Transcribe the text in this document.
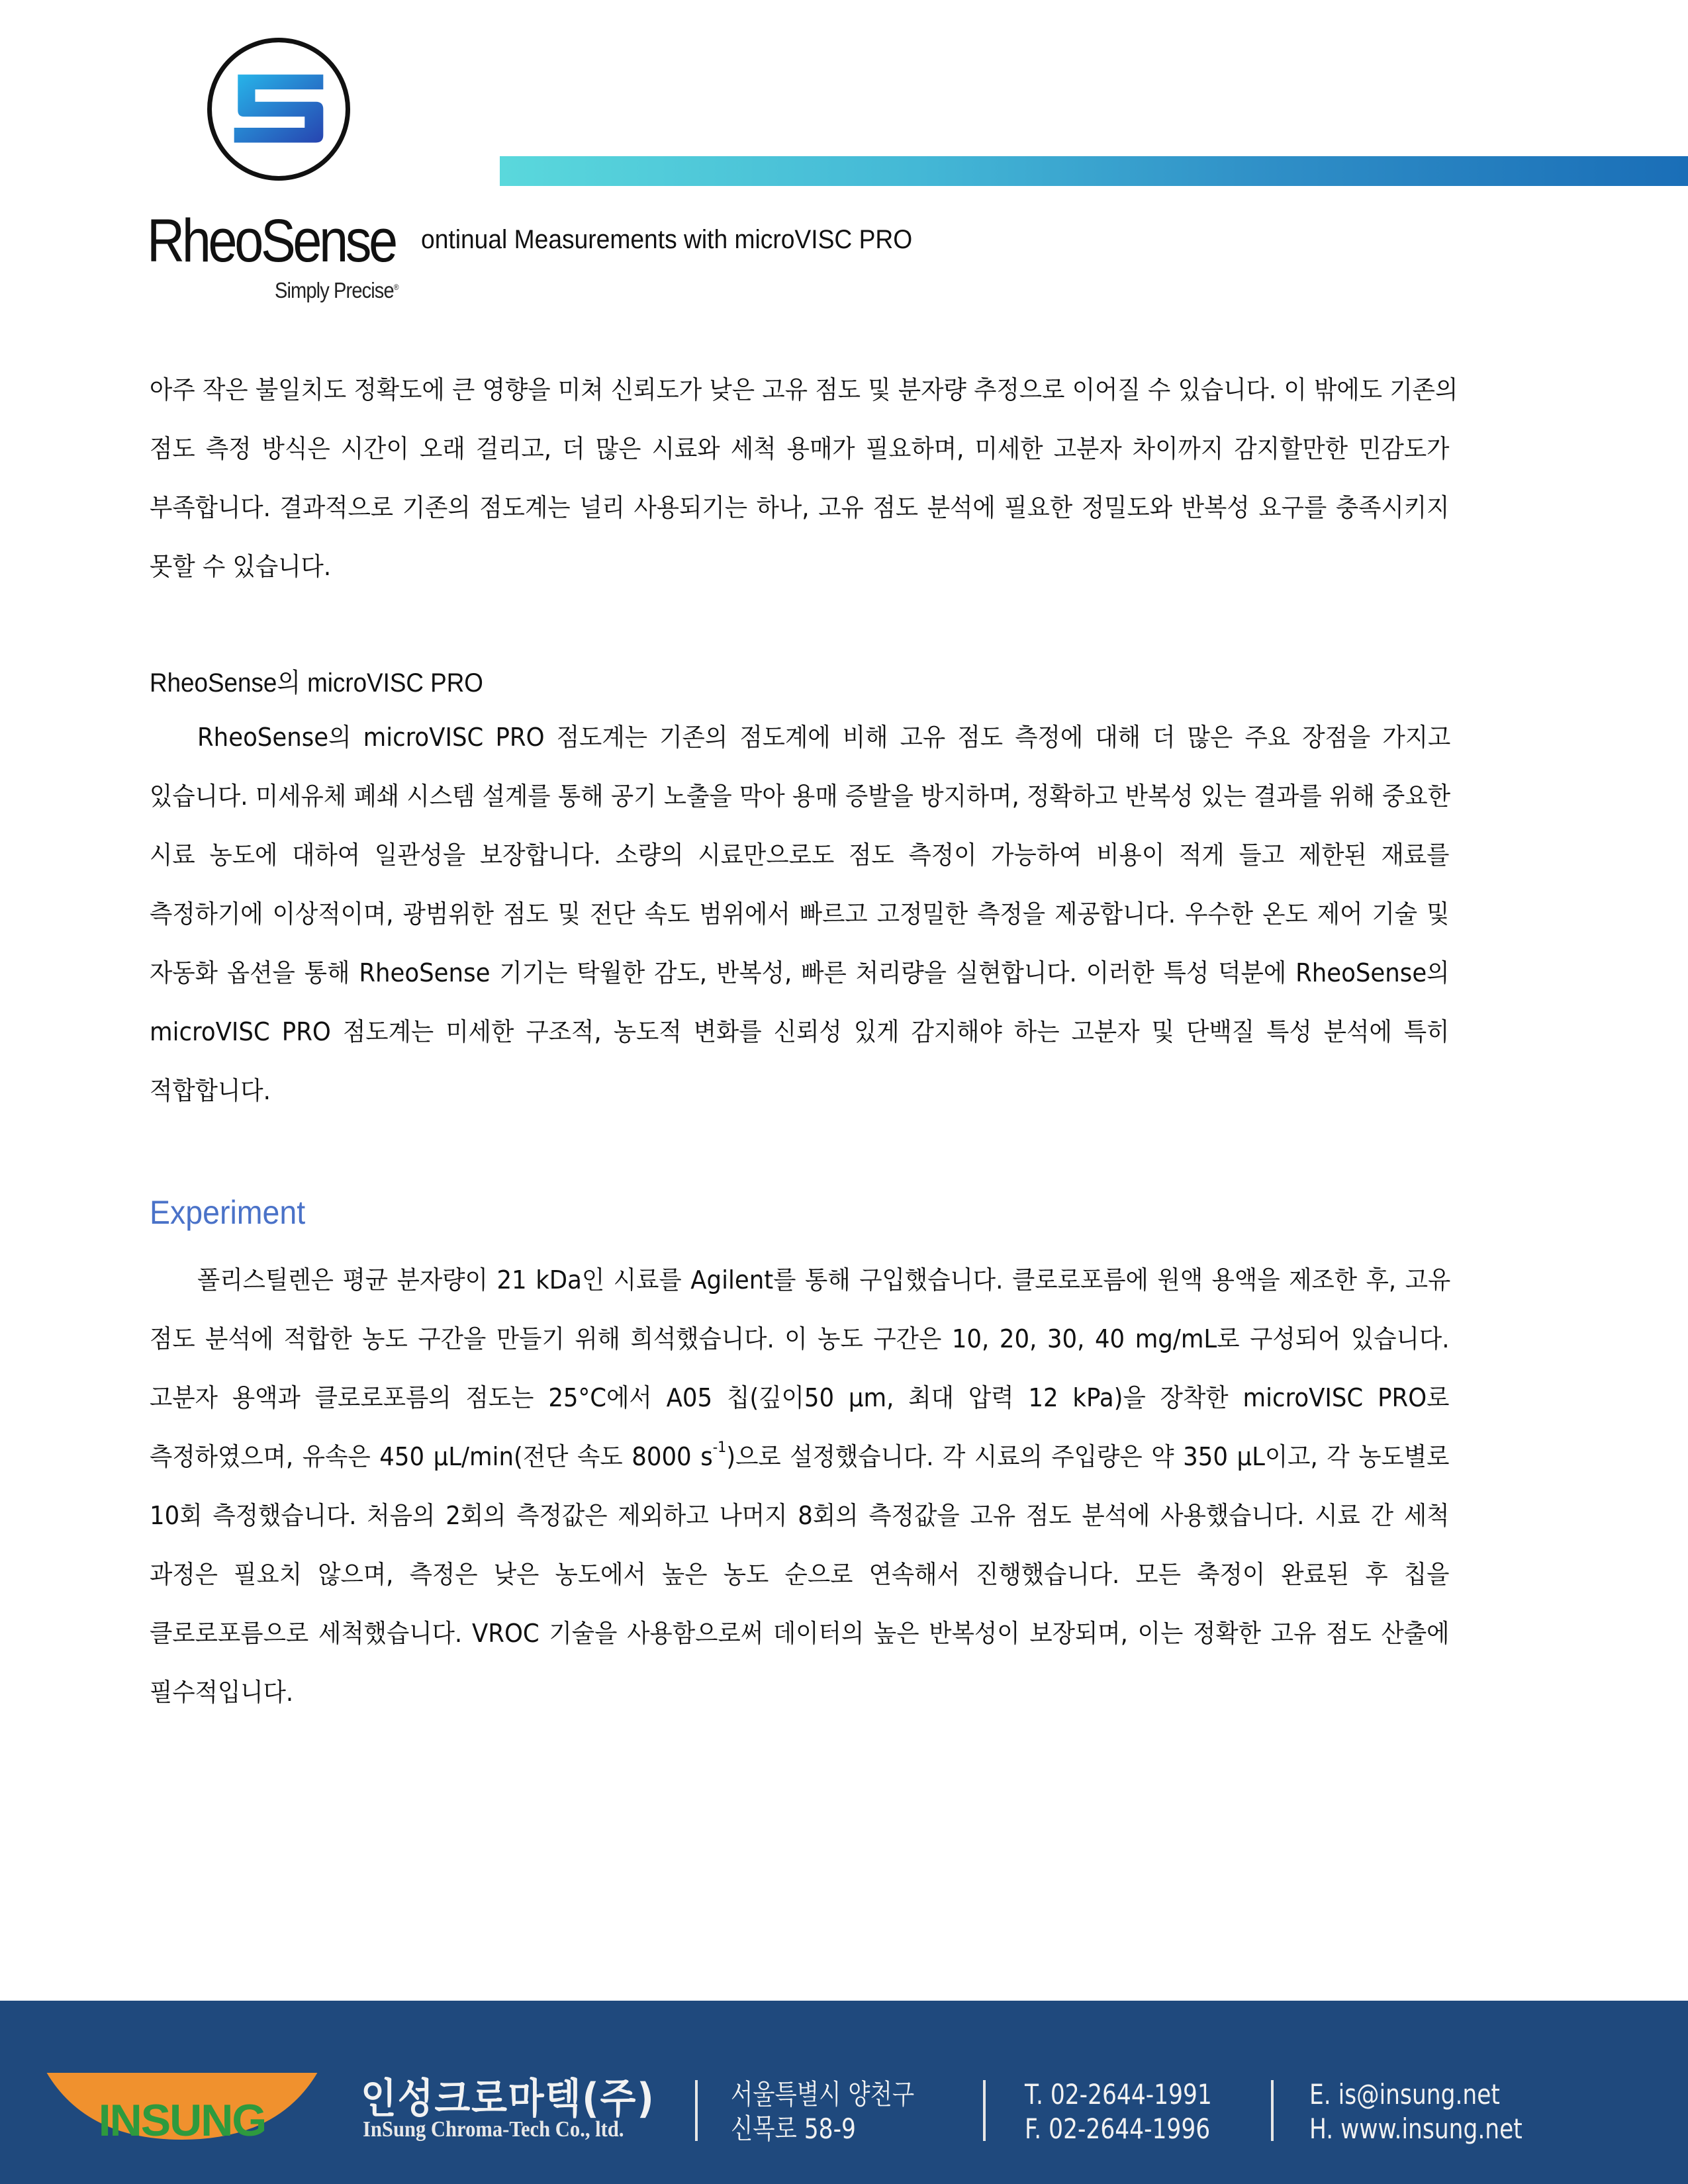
RheoSense
Simply Precise®
ontinual Measurements with microVISC PRO
아주 작은 불일치도 정확도에 큰 영향을 미쳐 신뢰도가 낮은 고유 점도 및 분자량 추정으로 이어질 수 있습니다. 이 밖에도 기존의
점도 측정 방식은 시간이 오래 걸리고, 더 많은 시료와 세척 용매가 필요하며, 미세한 고분자 차이까지 감지할만한 민감도가
부족합니다. 결과적으로 기존의 점도계는 널리 사용되기는 하나, 고유 점도 분석에 필요한 정밀도와 반복성 요구를 충족시키지
못할 수 있습니다.
RheoSense의 microVISC PRO
RheoSense의 microVISC PRO 점도계는 기존의 점도계에 비해 고유 점도 측정에 대해 더 많은 주요 장점을 가지고
있습니다. 미세유체 폐쇄 시스템 설계를 통해 공기 노출을 막아 용매 증발을 방지하며, 정확하고 반복성 있는 결과를 위해 중요한
시료 농도에 대하여 일관성을 보장합니다. 소량의 시료만으로도 점도 측정이 가능하여 비용이 적게 들고 제한된 재료를
측정하기에 이상적이며, 광범위한 점도 및 전단 속도 범위에서 빠르고 고정밀한 측정을 제공합니다. 우수한 온도 제어 기술 및
자동화 옵션을 통해 RheoSense 기기는 탁월한 감도, 반복성, 빠른 처리량을 실현합니다. 이러한 특성 덕분에 RheoSense의
microVISC PRO 점도계는 미세한 구조적, 농도적 변화를 신뢰성 있게 감지해야 하는 고분자 및 단백질 특성 분석에 특히
적합합니다.
Experiment
폴리스틸렌은 평균 분자량이 21 kDa인 시료를 Agilent를 통해 구입했습니다. 클로로포름에 원액 용액을 제조한 후, 고유
점도 분석에 적합한 농도 구간을 만들기 위해 희석했습니다. 이 농도 구간은 10, 20, 30, 40 mg/mL로 구성되어 있습니다.
고분자 용액과 클로로포름의 점도는 25°C에서 A05 칩(깊이50 μm, 최대 압력 12 kPa)을 장착한 microVISC PRO로
측정하였으며, 유속은 450 μL/min(전단 속도 8000 $s^{-1}$)으로 설정했습니다. 각 시료의 주입량은 약 350 μL이고, 각 농도별로
10회 측정했습니다. 처음의 2회의 측정값은 제외하고 나머지 8회의 측정값을 고유 점도 분석에 사용했습니다. 시료 간 세척
과정은 필요치 않으며, 측정은 낮은 농도에서 높은 농도 순으로 연속해서 진행했습니다. 모든 축정이 완료된 후 칩을
클로로포름으로 세척했습니다. VROC 기술을 사용함으로써 데이터의 높은 반복성이 보장되며, 이는 정확한 고유 점도 산출에
필수적입니다.
INSUNG 인성크로마텍(주)
InSung Chroma-Tech Co., ltd.
서울특별시 양천구
신목로 58-9
T. 02-2644-1991
F. 02-2644-1996
E. is@insung.net
H. www.insung.net
